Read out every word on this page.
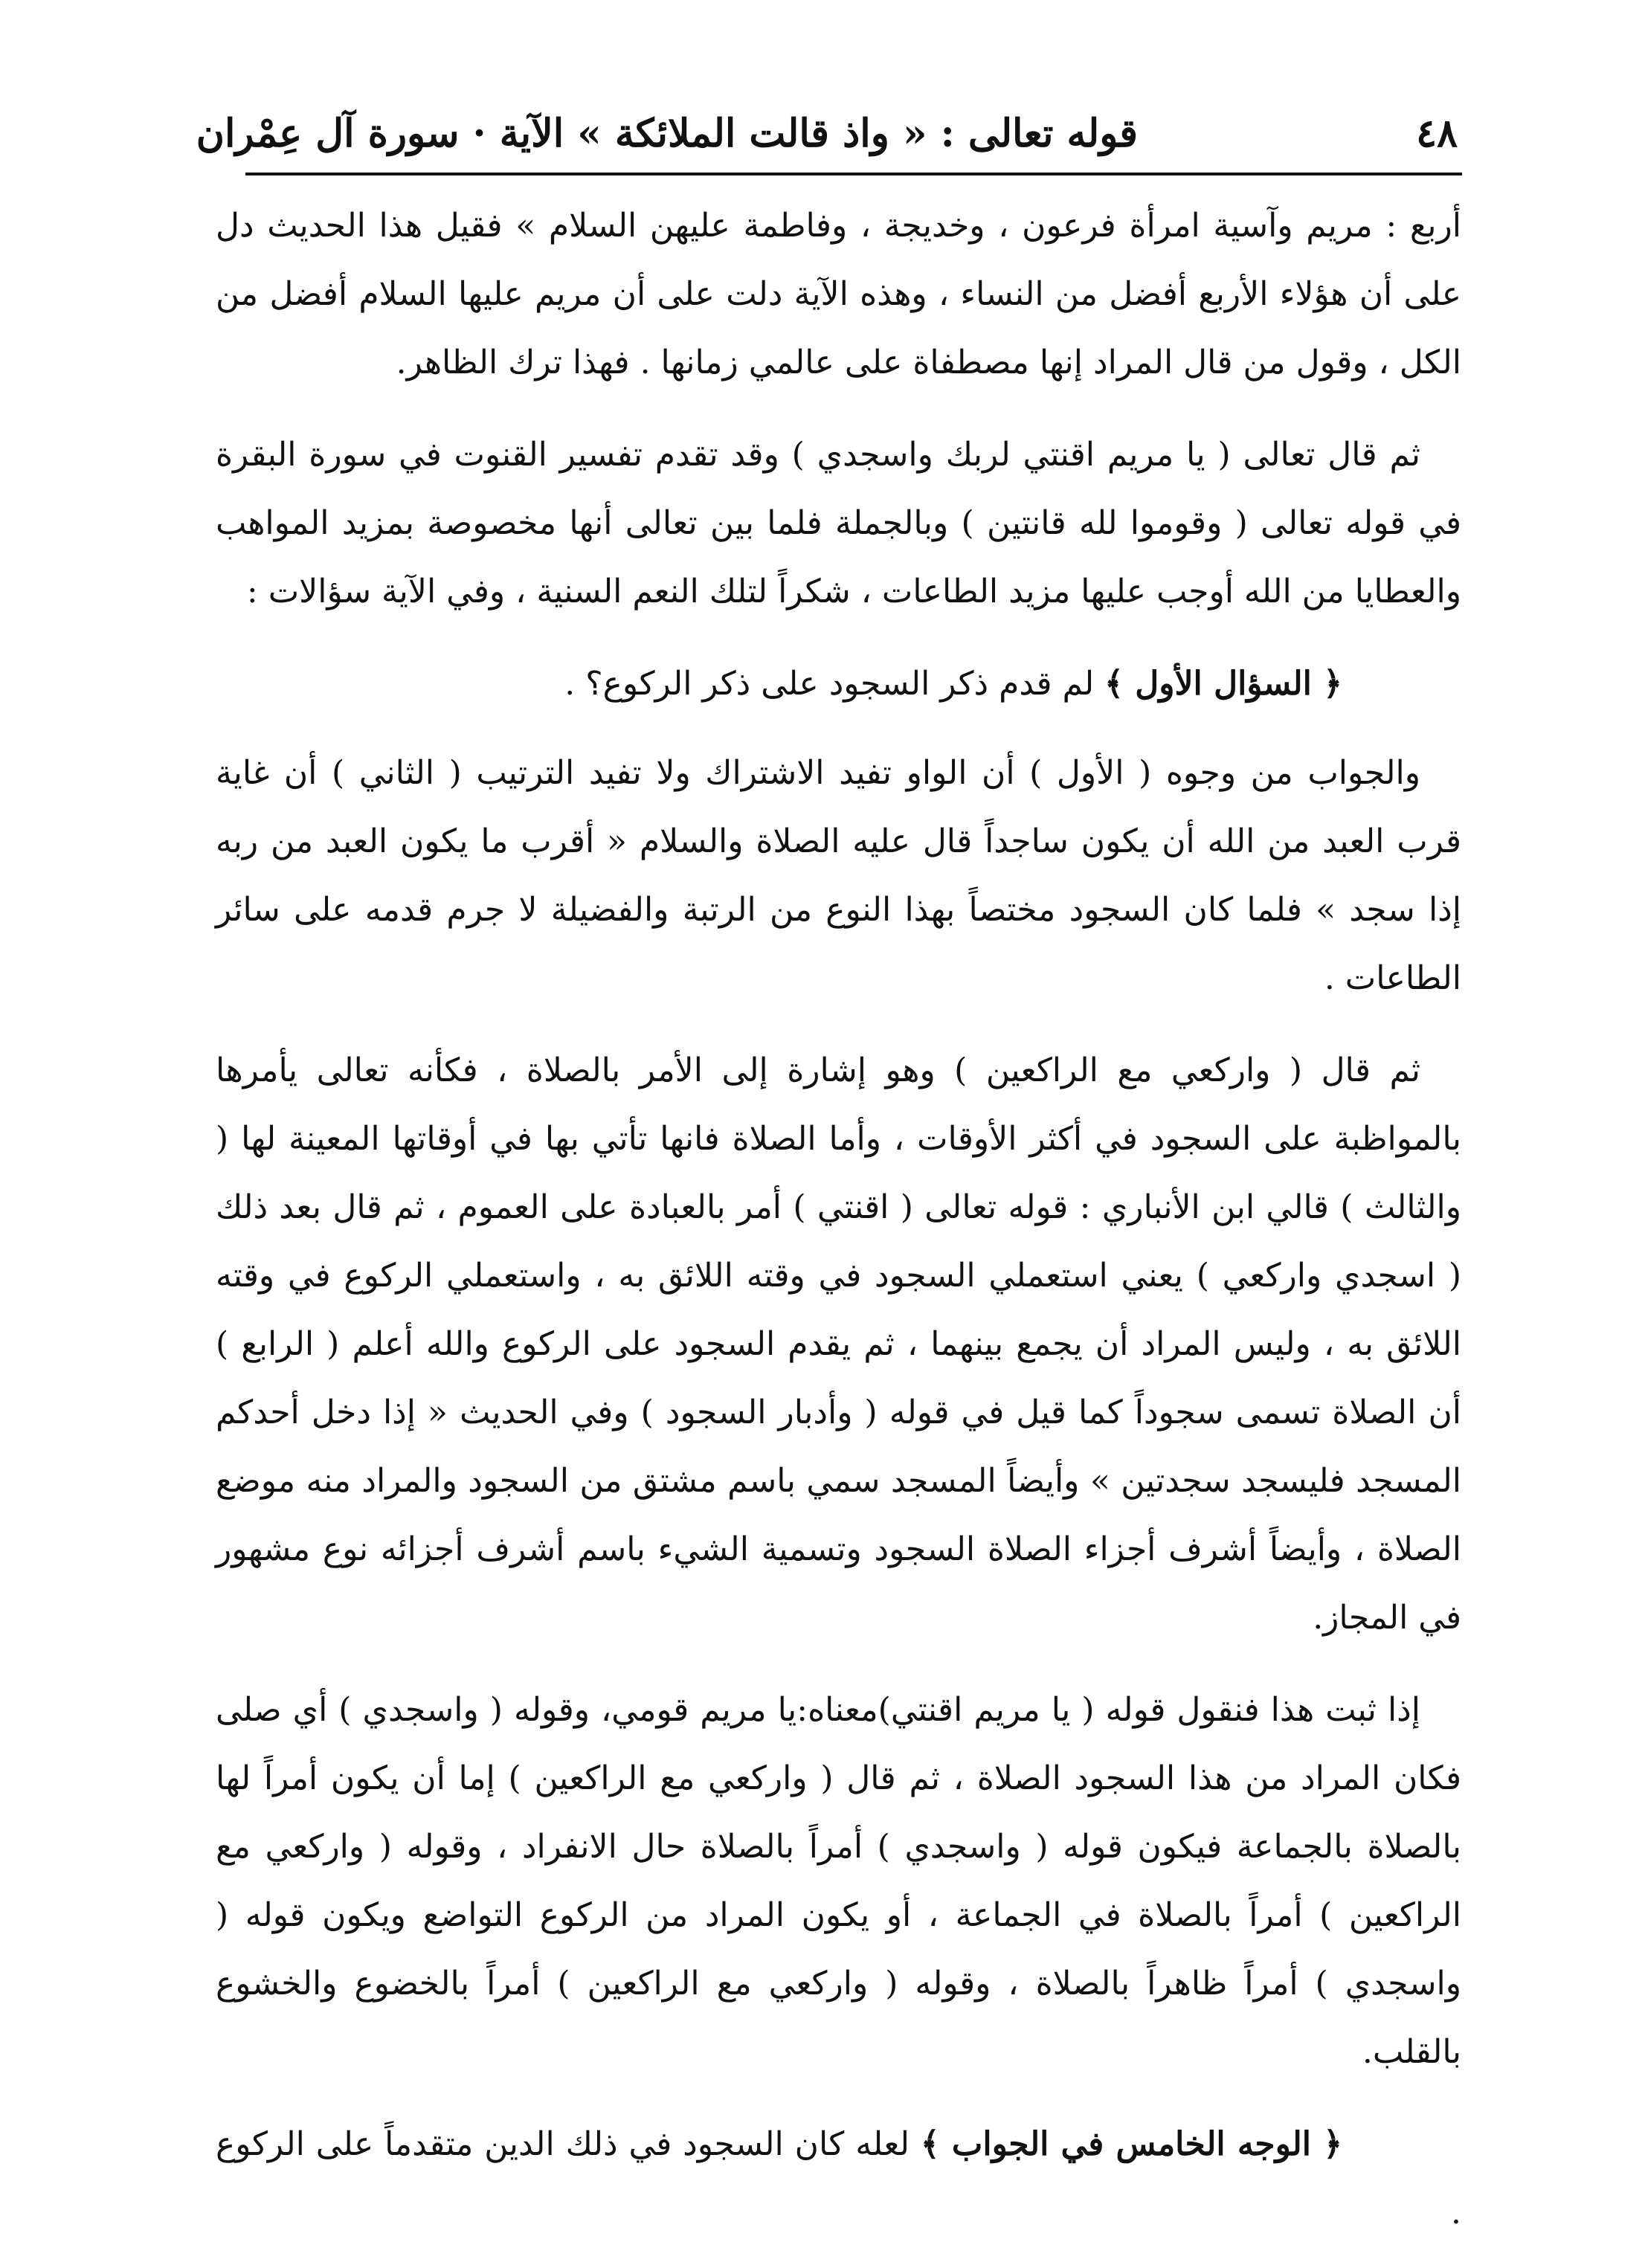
٤٨
قوله تعالى : « واذ قالت الملائكة » الآية · سورة آل عِمْران

أربع : مريم وآسية امرأة فرعون ، وخديجة ، وفاطمة عليهن السلام » فقيل هذا الحديث دل على أن هؤلاء الأربع أفضل من النساء ، وهذه الآية دلت على أن مريم عليها السلام أفضل من الكل ، وقول من قال المراد إنها مصطفاة على عالمي زمانها . فهذا ترك الظاهر.

ثم قال تعالى ( يا مريم اقنتي لربك واسجدي ) وقد تقدم تفسير القنوت في سورة البقرة في قوله تعالى ( وقوموا لله قانتين ) وبالجملة فلما بين تعالى أنها مخصوصة بمزيد المواهب والعطايا من الله أوجب عليها مزيد الطاعات ، شكراً لتلك النعم السنية ، وفي الآية سؤالات :

﴿ السؤال الأول ﴾ لم قدم ذكر السجود على ذكر الركوع؟ .

والجواب من وجوه ( الأول ) أن الواو تفيد الاشتراك ولا تفيد الترتيب ( الثاني ) أن غاية قرب العبد من الله أن يكون ساجداً قال عليه الصلاة والسلام « أقرب ما يكون العبد من ربه إذا سجد » فلما كان السجود مختصاً بهذا النوع من الرتبة والفضيلة لا جرم قدمه على سائر الطاعات .

ثم قال ( واركعي مع الراكعين ) وهو إشارة إلى الأمر بالصلاة ، فكأنه تعالى يأمرها بالمواظبة على السجود في أكثر الأوقات ، وأما الصلاة فانها تأتي بها في أوقاتها المعينة لها ( والثالث ) قالي ابن الأنباري : قوله تعالى ( اقنتي ) أمر بالعبادة على العموم ، ثم قال بعد ذلك ( اسجدي واركعي ) يعني استعملي السجود في وقته اللائق به ، واستعملي الركوع في وقته اللائق به ، وليس المراد أن يجمع بينهما ، ثم يقدم السجود على الركوع والله أعلم ( الرابع ) أن الصلاة تسمى سجوداً كما قيل في قوله ( وأدبار السجود ) وفي الحديث « إذا دخل أحدكم المسجد فليسجد سجدتين » وأيضاً المسجد سمي باسم مشتق من السجود والمراد منه موضع الصلاة ، وأيضاً أشرف أجزاء الصلاة السجود وتسمية الشيء باسم أشرف أجزائه نوع مشهور في المجاز.

إذا ثبت هذا فنقول قوله ( يا مريم اقنتي)معناه:يا مريم قومي، وقوله ( واسجدي ) أي صلى فكان المراد من هذا السجود الصلاة ، ثم قال ( واركعي مع الراكعين ) إما أن يكون أمراً لها بالصلاة بالجماعة فيكون قوله ( واسجدي ) أمراً بالصلاة حال الانفراد ، وقوله ( واركعي مع الراكعين ) أمراً بالصلاة في الجماعة ، أو يكون المراد من الركوع التواضع ويكون قوله ( واسجدي ) أمراً ظاهراً بالصلاة ، وقوله ( واركعي مع الراكعين ) أمراً بالخضوع والخشوع بالقلب.

﴿ الوجه الخامس في الجواب ﴾ لعله كان السجود في ذلك الدين متقدماً على الركوع .
